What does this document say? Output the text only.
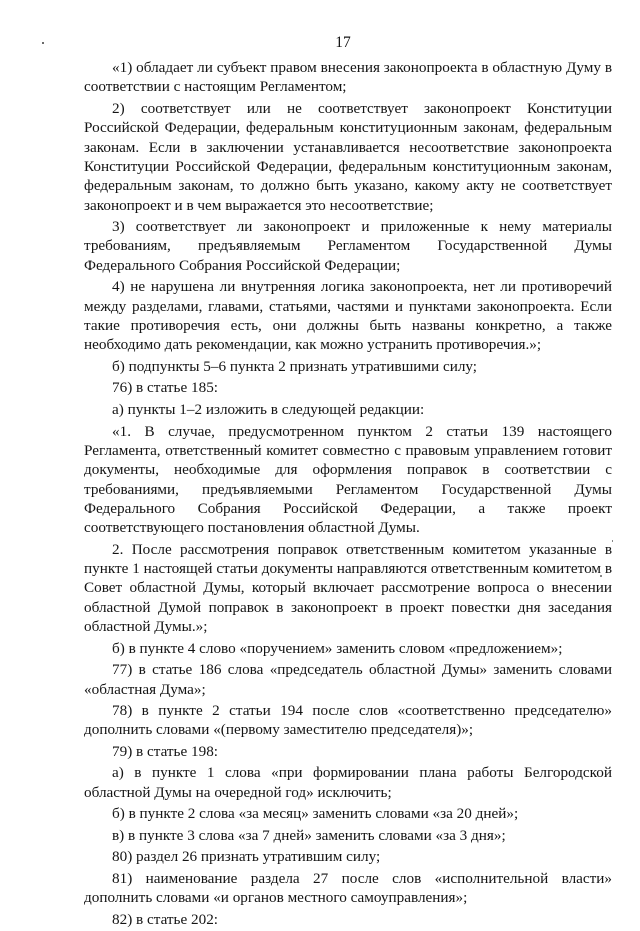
17

«1) обладает ли субъект правом внесения законопроекта в областную Думу в соответствии с настоящим Регламентом;

2) соответствует или не соответствует законопроект Конституции Российской Федерации, федеральным конституционным законам, федеральным законам. Если в заключении устанавливается несоответствие законопроекта Конституции Российской Федерации, федеральным конституционным законам, федеральным законам, то должно быть указано, какому акту не соответствует законопроект и в чем выражается это несоответствие;

3) соответствует ли законопроект и приложенные к нему материалы требованиям, предъявляемым Регламентом Государственной Думы Федерального Собрания Российской Федерации;

4) не нарушена ли внутренняя логика законопроекта, нет ли противоречий между разделами, главами, статьями, частями и пунктами законопроекта. Если такие противоречия есть, они должны быть названы конкретно, а также необходимо дать рекомендации, как можно устранить противоречия.»;

б) подпункты 5–6 пункта 2 признать утратившими силу;

76) в статье 185:

а) пункты 1–2 изложить в следующей редакции:

«1. В случае, предусмотренном пунктом 2 статьи 139 настоящего Регламента, ответственный комитет совместно с правовым управлением готовит документы, необходимые для оформления поправок в соответствии с требованиями, предъявляемыми Регламентом Государственной Думы Федерального Собрания Российской Федерации, а также проект соответствующего постановления областной Думы.

2. После рассмотрения поправок ответственным комитетом указанные в пункте 1 настоящей статьи документы направляются ответственным комитетом в Совет областной Думы, который включает рассмотрение вопроса о внесении областной Думой поправок в законопроект в проект повестки дня заседания областной Думы.»;

б) в пункте 4 слово «поручением» заменить словом «предложением»;

77) в статье 186 слова «председатель областной Думы» заменить словами «областная Дума»;

78) в пункте 2 статьи 194 после слов «соответственно председателю» дополнить словами «(первому заместителю председателя)»;

79) в статье 198:

а) в пункте 1 слова «при формировании плана работы Белгородской областной Думы на очередной год» исключить;

б) в пункте 2 слова «за месяц» заменить словами «за 20 дней»;

в) в пункте 3 слова «за 7 дней» заменить словами «за 3 дня»;

80) раздел 26 признать утратившим силу;

81) наименование раздела 27 после слов «исполнительной власти» дополнить словами «и органов местного самоуправления»;

82) в статье 202:
